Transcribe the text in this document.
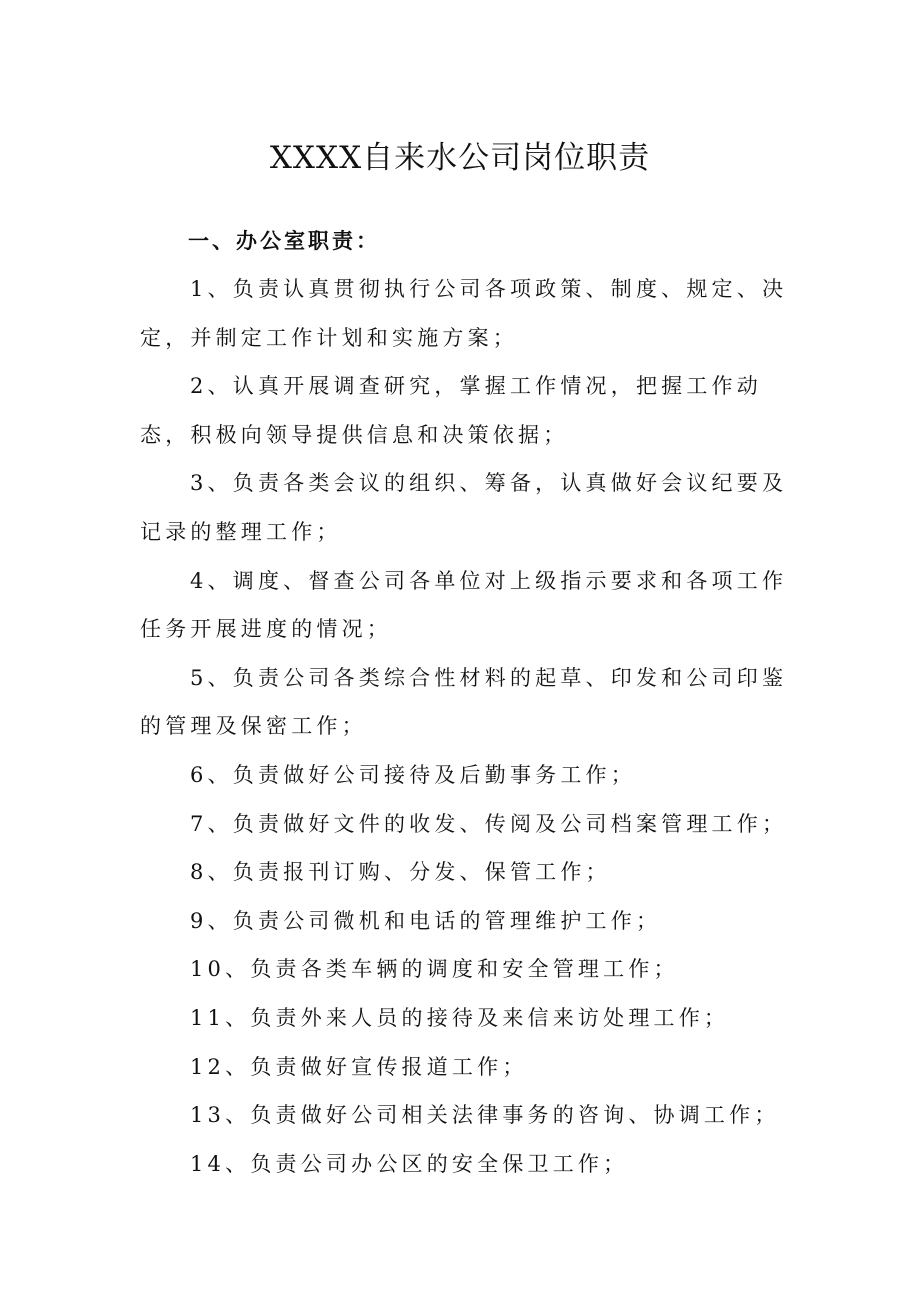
XXXX自来水公司岗位职责
一、办公室职责：

1、负责认真贯彻执行公司各项政策、制度、规定、决定，并制定工作计划和实施方案；

2、认真开展调查研究，掌握工作情况，把握工作动态，积极向领导提供信息和决策依据；

3、负责各类会议的组织、筹备，认真做好会议纪要及记录的整理工作；

4、调度、督查公司各单位对上级指示要求和各项工作任务开展进度的情况；

5、负责公司各类综合性材料的起草、印发和公司印鉴的管理及保密工作；

6、负责做好公司接待及后勤事务工作；

7、负责做好文件的收发、传阅及公司档案管理工作；

8、负责报刊订购、分发、保管工作；

9、负责公司微机和电话的管理维护工作；

10、负责各类车辆的调度和安全管理工作；

11、负责外来人员的接待及来信来访处理工作；

12、负责做好宣传报道工作；

13、负责做好公司相关法律事务的咨询、协调工作；

14、负责公司办公区的安全保卫工作；
